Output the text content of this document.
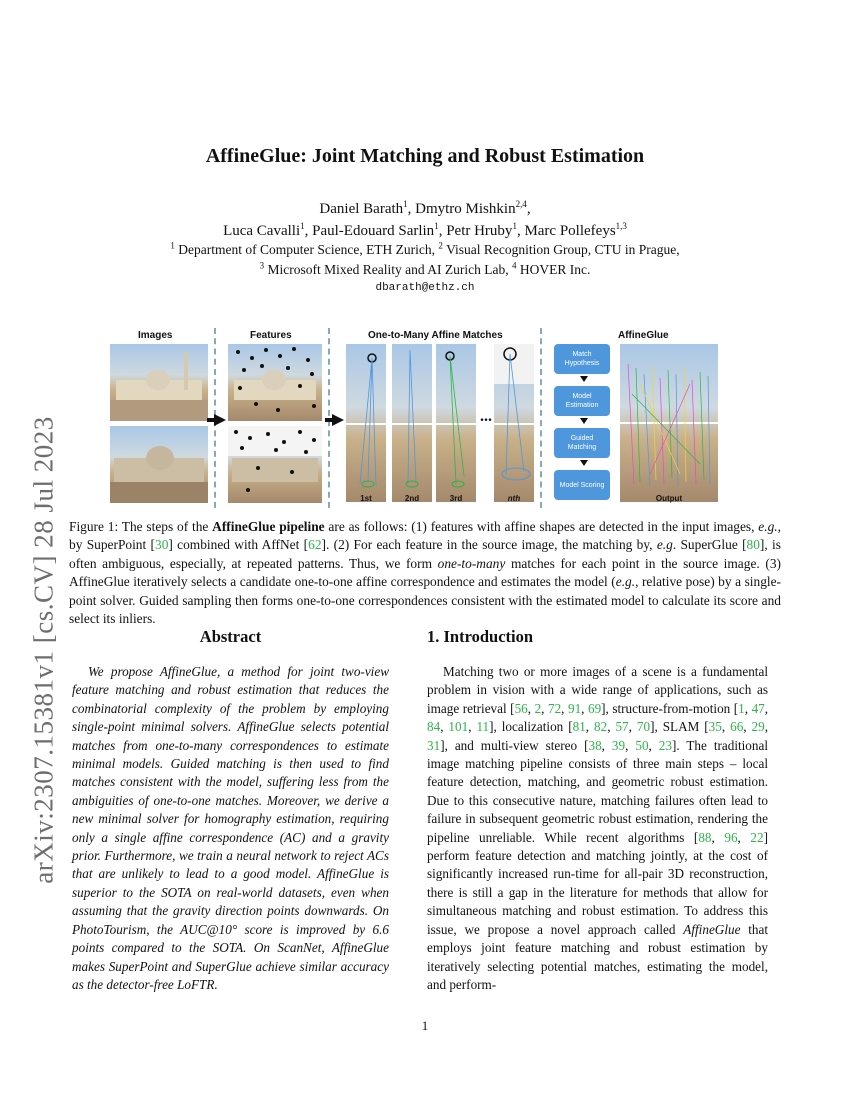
arXiv:2307.15381v1 [cs.CV] 28 Jul 2023
AffineGlue: Joint Matching and Robust Estimation
Daniel Barath$^1$, Dmytro Mishkin$^{2,4}$,
Luca Cavalli$^1$, Paul-Edouard Sarlin$^1$, Petr Hruby$^1$, Marc Pollefeys$^{1,3}$
$^1$ Department of Computer Science, ETH Zurich, $^2$ Visual Recognition Group, CTU in Prague,
$^3$ Microsoft Mixed Reality and AI Zurich Lab, $^4$ HOVER Inc.
dbarath@ethz.ch
Images	Features	One-to-Many Affine Matches	AffineGlue
...
1st	2nd	3rd	nth
Match Hypothesis
Model Estimation
Guided Matching
Model Scoring
Output
Figure 1: The steps of the AffineGlue pipeline are as follows: (1) features with affine shapes are detected in the input images, e.g., by SuperPoint [30] combined with AffNet [62]. (2) For each feature in the source image, the matching by, e.g. SuperGlue [80], is often ambiguous, especially, at repeated patterns. Thus, we form one-to-many matches for each point in the source image. (3) AffineGlue iteratively selects a candidate one-to-one affine correspondence and estimates the model (e.g., relative pose) by a single-point solver. Guided sampling then forms one-to-one correspondences consistent with the estimated model to calculate its score and select its inliers.
Abstract

We propose AffineGlue, a method for joint two-view feature matching and robust estimation that reduces the combinatorial complexity of the problem by employing single-point minimal solvers. AffineGlue selects potential matches from one-to-many correspondences to estimate minimal models. Guided matching is then used to find matches consistent with the model, suffering less from the ambiguities of one-to-one matches. Moreover, we derive a new minimal solver for homography estimation, requiring only a single affine correspondence (AC) and a gravity prior. Furthermore, we train a neural network to reject ACs that are unlikely to lead to a good model. AffineGlue is superior to the SOTA on real-world datasets, even when assuming that the gravity direction points downwards. On PhotoTourism, the AUC@10° score is improved by 6.6 points compared to the SOTA. On ScanNet, AffineGlue makes SuperPoint and SuperGlue achieve similar accuracy as the detector-free LoFTR.

1. Introduction

Matching two or more images of a scene is a fundamental problem in vision with a wide range of applications, such as image retrieval [56, 2, 72, 91, 69], structure-from-motion [1, 47, 84, 101, 11], localization [81, 82, 57, 70], SLAM [35, 66, 29, 31], and multi-view stereo [38, 39, 50, 23]. The traditional image matching pipeline consists of three main steps – local feature detection, matching, and geometric robust estimation. Due to this consecutive nature, matching failures often lead to failure in subsequent geometric robust estimation, rendering the pipeline unreliable. While recent algorithms [88, 96, 22] perform feature detection and matching jointly, at the cost of significantly increased run-time for all-pair 3D reconstruction, there is still a gap in the literature for methods that allow for simultaneous matching and robust estimation. To address this issue, we propose a novel approach called AffineGlue that employs joint feature matching and robust estimation by iteratively selecting potential matches, estimating the model, and perform-

1
